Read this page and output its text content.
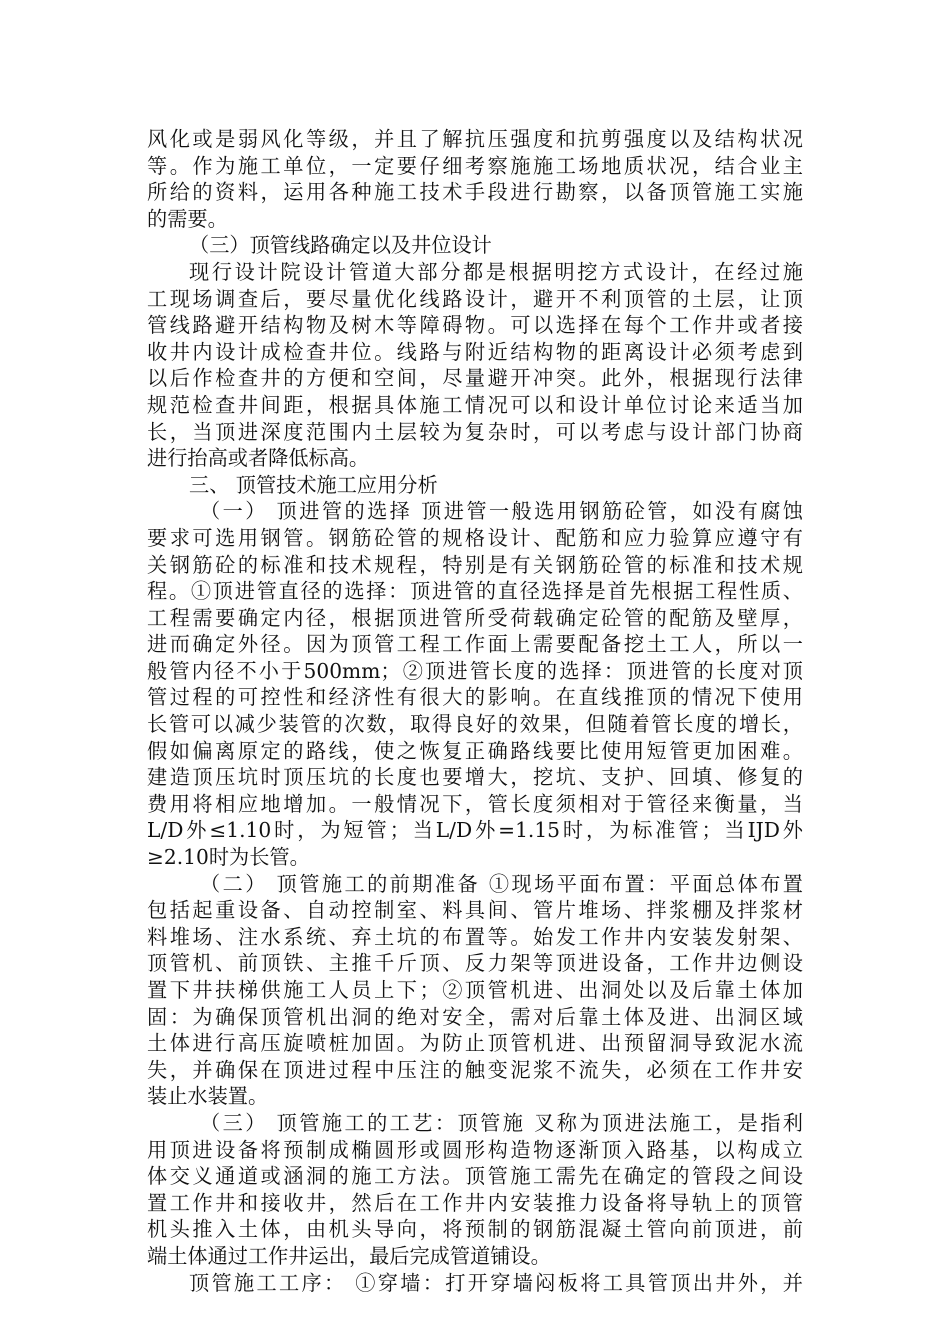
风化或是弱风化等级，并且了解抗压强度和抗剪强度以及结构状况
等。作为施工单位，一定要仔细考察施施工场地质状况，结合业主
所给的资料，运用各种施工技术手段进行勘察，以备顶管施工实施
的需要。
（三）顶管线路确定以及井位设计
现行设计院设计管道大部分都是根据明挖方式设计，在经过施
工现场调查后，要尽量优化线路设计，避开不利顶管的土层，让顶
管线路避开结构物及树木等障碍物。可以选择在每个工作井或者接
收井内设计成检查井位。线路与附近结构物的距离设计必须考虑到
以后作检查井的方便和空间，尽量避开冲突。此外，根据现行法律
规范检查井间距，根据具体施工情况可以和设计单位讨论来适当加
长，当顶进深度范围内土层较为复杂时，可以考虑与设计部门协商
进行抬高或者降低标高。
三、 顶管技术施工应用分析
（一） 顶进管的选择 顶进管一般选用钢筋砼管，如没有腐蚀
要求可选用钢管。钢筋砼管的规格设计、配筋和应力验算应遵守有
关钢筋砼的标准和技术规程，特别是有关钢筋砼管的标准和技术规
程。①顶进管直径的选择：顶进管的直径选择是首先根据工程性质、
工程需要确定内径，根据顶进管所受荷载确定砼管的配筋及壁厚，
进而确定外径。因为顶管工程工作面上需要配备挖土工人，所以一
般管内径不小于500mm；②顶进管长度的选择：顶进管的长度对顶
管过程的可控性和经济性有很大的影响。在直线推顶的情况下使用
长管可以减少装管的次数，取得良好的效果，但随着管长度的增长，
假如偏离原定的路线，使之恢复正确路线要比使用短管更加困难。
建造顶压坑时顶压坑的长度也要增大，挖坑、支护、回填、修复的
费用将相应地增加。一般情况下，管长度须相对于管径来衡量，当
L/D外≤1.10时，为短管；当L/D外=1.15时，为标准管；当IJD外
≥2.10时为长管。
（二） 顶管施工的前期准备 ①现场平面布置：平面总体布置
包括起重设备、自动控制室、料具间、管片堆场、拌浆棚及拌浆材
料堆场、注水系统、弃土坑的布置等。始发工作井内安装发射架、
顶管机、前顶铁、主推千斤顶、反力架等顶进设备，工作井边侧设
置下井扶梯供施工人员上下；②顶管机进、出洞处以及后靠土体加
固：为确保顶管机出洞的绝对安全，需对后靠土体及进、出洞区域
土体进行高压旋喷桩加固。为防止顶管机进、出预留洞导致泥水流
失，并确保在顶进过程中压注的触变泥浆不流失，必须在工作井安
装止水装置。
（三） 顶管施工的工艺：顶管施 叉称为顶进法施工，是指利
用顶进设备将预制成椭圆形或圆形构造物逐渐顶入路基，以构成立
体交义通道或涵洞的施工方法。顶管施工需先在确定的管段之间设
置工作井和接收井，然后在工作井内安装推力设备将导轨上的顶管
机头推入土体，由机头导向，将预制的钢筋混凝土管向前顶进，前
端土体通过工作井运出，最后完成管道铺设。
顶管施工工序： ①穿墙：打开穿墙闷板将工具管顶出井外，并
